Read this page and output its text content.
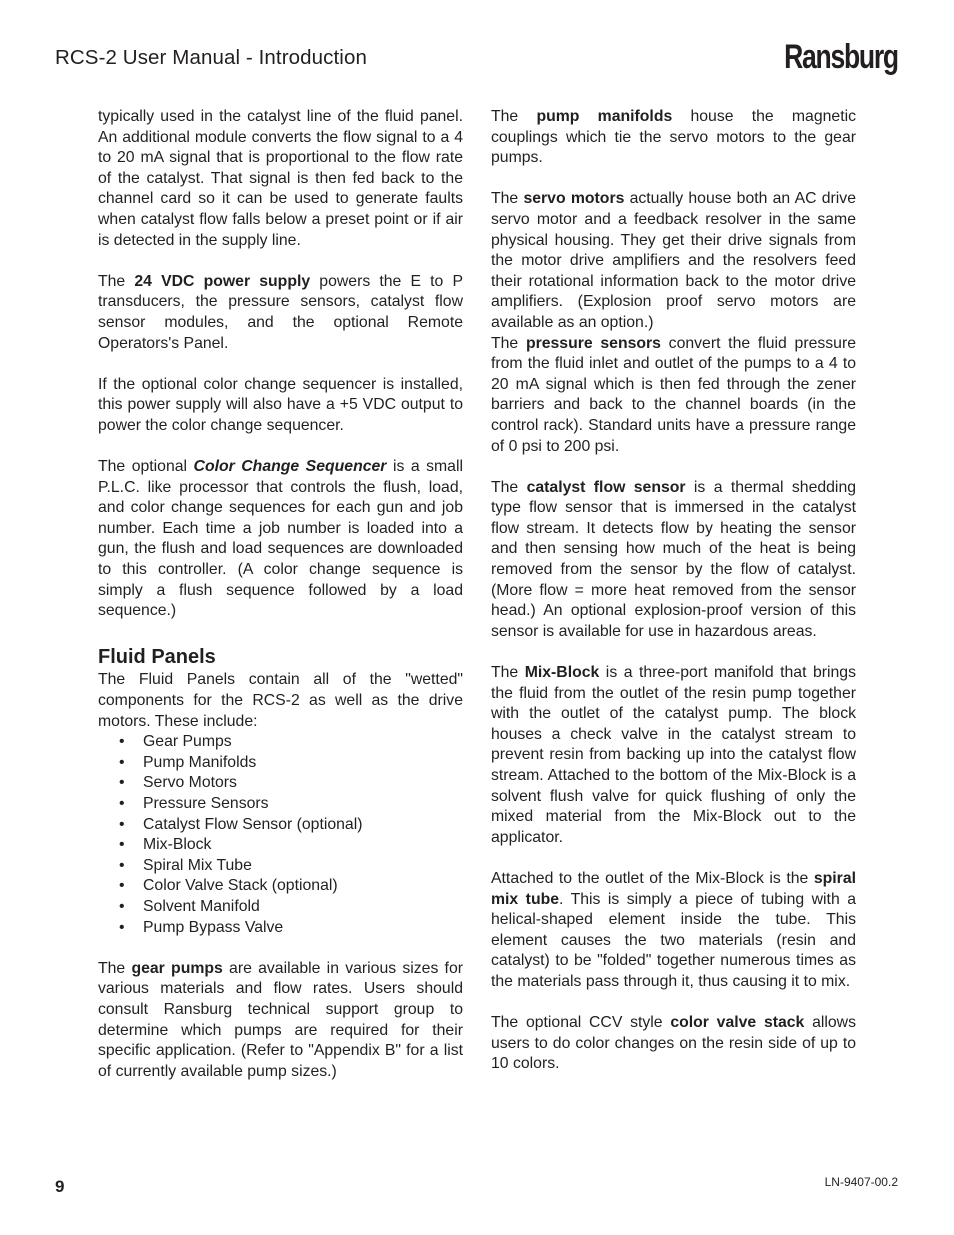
RCS-2 User Manual - Introduction	Ransburg

typically used in the catalyst line of the fluid panel. An additional module converts the flow signal to a 4 to 20 mA signal that is proportional to the flow rate of the catalyst. That signal is then fed back to the channel card so it can be used to generate faults when catalyst flow falls below a preset point or if air is detected in the supply line.

The 24 VDC power supply powers the E to P transducers, the pressure sensors, catalyst flow sensor modules, and the optional Remote Operators's Panel.

If the optional color change sequencer is installed, this power supply will also have a +5 VDC output to power the color change sequencer.

The optional Color Change Sequencer is a small P.L.C. like processor that controls the flush, load, and color change sequences for each gun and job number. Each time a job number is loaded into a gun, the flush and load sequences are downloaded to this controller. (A color change sequence is simply a flush sequence followed by a load sequence.)

Fluid Panels

The Fluid Panels contain all of the "wetted" components for the RCS-2 as well as the drive motors. These include:

• Gear Pumps
• Pump Manifolds
• Servo Motors
• Pressure Sensors
• Catalyst Flow Sensor (optional)
• Mix-Block
• Spiral Mix Tube
• Color Valve Stack (optional)
• Solvent Manifold
• Pump Bypass Valve

The gear pumps are available in various sizes for various materials and flow rates. Users should consult Ransburg technical support group to determine which pumps are required for their specific application. (Refer to "Appendix B" for a list of currently available pump sizes.)

The pump manifolds house the magnetic couplings which tie the servo motors to the gear pumps.

The servo motors actually house both an AC drive servo motor and a feedback resolver in the same physical housing. They get their drive signals from the motor drive amplifiers and the resolvers feed their rotational information back to the motor drive amplifiers. (Explosion proof servo motors are available as an option.)

The pressure sensors convert the fluid pressure from the fluid inlet and outlet of the pumps to a 4 to 20 mA signal which is then fed through the zener barriers and back to the channel boards (in the control rack). Standard units have a pressure range of 0 psi to 200 psi.

The catalyst flow sensor is a thermal shedding type flow sensor that is immersed in the catalyst flow stream. It detects flow by heating the sensor and then sensing how much of the heat is being removed from the sensor by the flow of catalyst. (More flow = more heat removed from the sensor head.) An optional explosion-proof version of this sensor is available for use in hazardous areas.

The Mix-Block is a three-port manifold that brings the fluid from the outlet of the resin pump together with the outlet of the catalyst pump. The block houses a check valve in the catalyst stream to prevent resin from backing up into the catalyst flow stream. Attached to the bottom of the Mix-Block is a solvent flush valve for quick flushing of only the mixed material from the Mix-Block out to the applicator.

Attached to the outlet of the Mix-Block is the spiral mix tube. This is simply a piece of tubing with a helical-shaped element inside the tube. This element causes the two materials (resin and catalyst) to be "folded" together numerous times as the materials pass through it, thus causing it to mix.

The optional CCV style color valve stack allows users to do color changes on the resin side of up to 10 colors.

9	LN-9407-00.2
